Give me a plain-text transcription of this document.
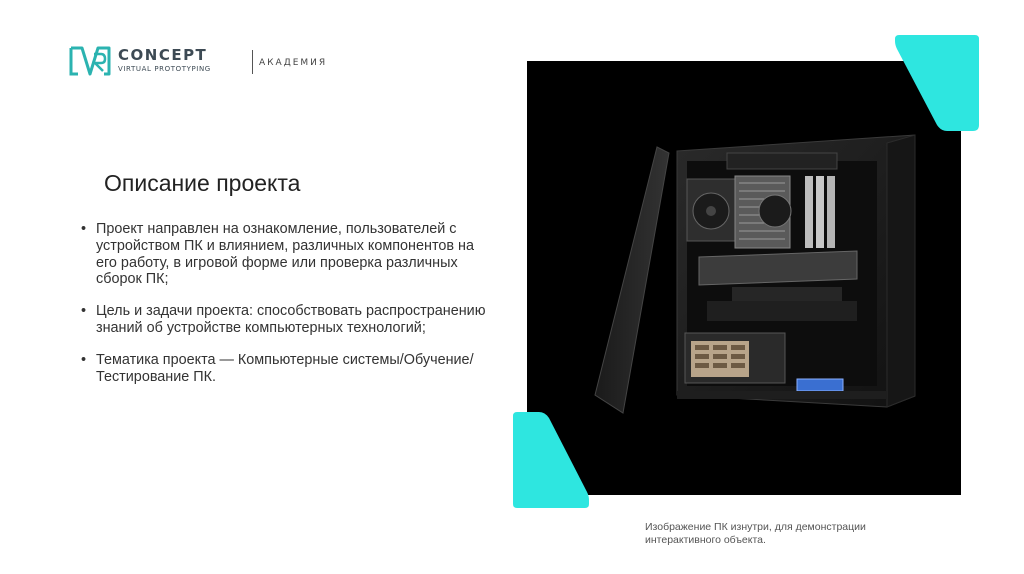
CONCEPT
VIRTUAL PROTOTYPING
АКАДЕМИЯ
Описание проекта
• Проект направлен на ознакомление, пользователей с устройством ПК и влиянием, различных компонентов на его работу, в игровой форме или проверка различных сборок ПК;
• Цель и задачи проекта: способствовать распространению знаний об устройстве компьютерных технологий;
• Тематика проекта — Компьютерные системы/Обучение/Тестирование ПК.
Изображение ПК изнутри, для демонстрации интерактивного объекта.
